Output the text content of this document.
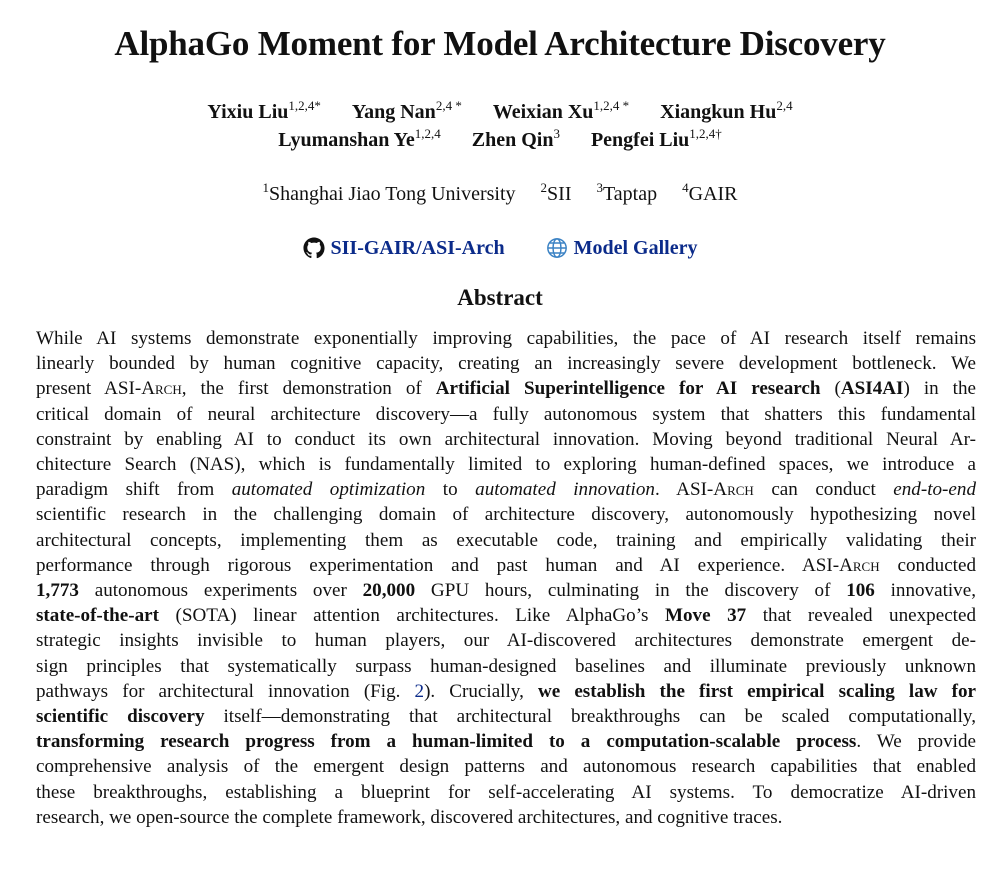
AlphaGo Moment for Model Architecture Discovery
Yixiu Liu$^{1,2,4*}$ Yang Nan$^{2,4 *}$ Weixian $Xu^{1,2,4 *}$ Xiangkun Hu$^{2,4}$
Lyumanshan Ye$^{1,2,4}$ Zhen Qin$^3$ Pengfei Liu$^{1,2,4\dagger}$
$^1$Shanghai Jiao Tong University $^2$SII $^3$Taptap $^4$GAIR
SII-GAIR/ASI-Arch
	Model Gallery
Abstract
While AI systems demonstrate exponentially improving capabilities, the pace of AI research itself remains
linearly bounded by human cognitive capacity, creating an increasingly severe development bottleneck. We
present ASI-Arch, the first demonstration of Artificial Superintelligence for AI research (ASI4AI) in the
critical domain of neural architecture discovery—a fully autonomous system that shatters this fundamental
constraint by enabling AI to conduct its own architectural innovation. Moving beyond traditional Neural Ar-
chitecture Search (NAS), which is fundamentally limited to exploring human-defined spaces, we introduce a
paradigm shift from automated optimization to automated innovation. ASI-Arch can conduct end-to-end
scientific research in the challenging domain of architecture discovery, autonomously hypothesizing novel
architectural concepts, implementing them as executable code, training and empirically validating their
performance through rigorous experimentation and past human and AI experience. ASI-Arch conducted
1,773 autonomous experiments over 20,000 GPU hours, culminating in the discovery of 106 innovative,
state-of-the-art (SOTA) linear attention architectures. Like AlphaGo’s Move 37 that revealed unexpected
strategic insights invisible to human players, our AI-discovered architectures demonstrate emergent de-
sign principles that systematically surpass human-designed baselines and illuminate previously unknown
pathways for architectural innovation (Fig. 2). Crucially, we establish the first empirical scaling law for
scientific discovery itself—demonstrating that architectural breakthroughs can be scaled computationally,
transforming research progress from a human-limited to a computation-scalable process. We provide
comprehensive analysis of the emergent design patterns and autonomous research capabilities that enabled
these breakthroughs, establishing a blueprint for self-accelerating AI systems. To democratize AI-driven
research, we open-source the complete framework, discovered architectures, and cognitive traces.
